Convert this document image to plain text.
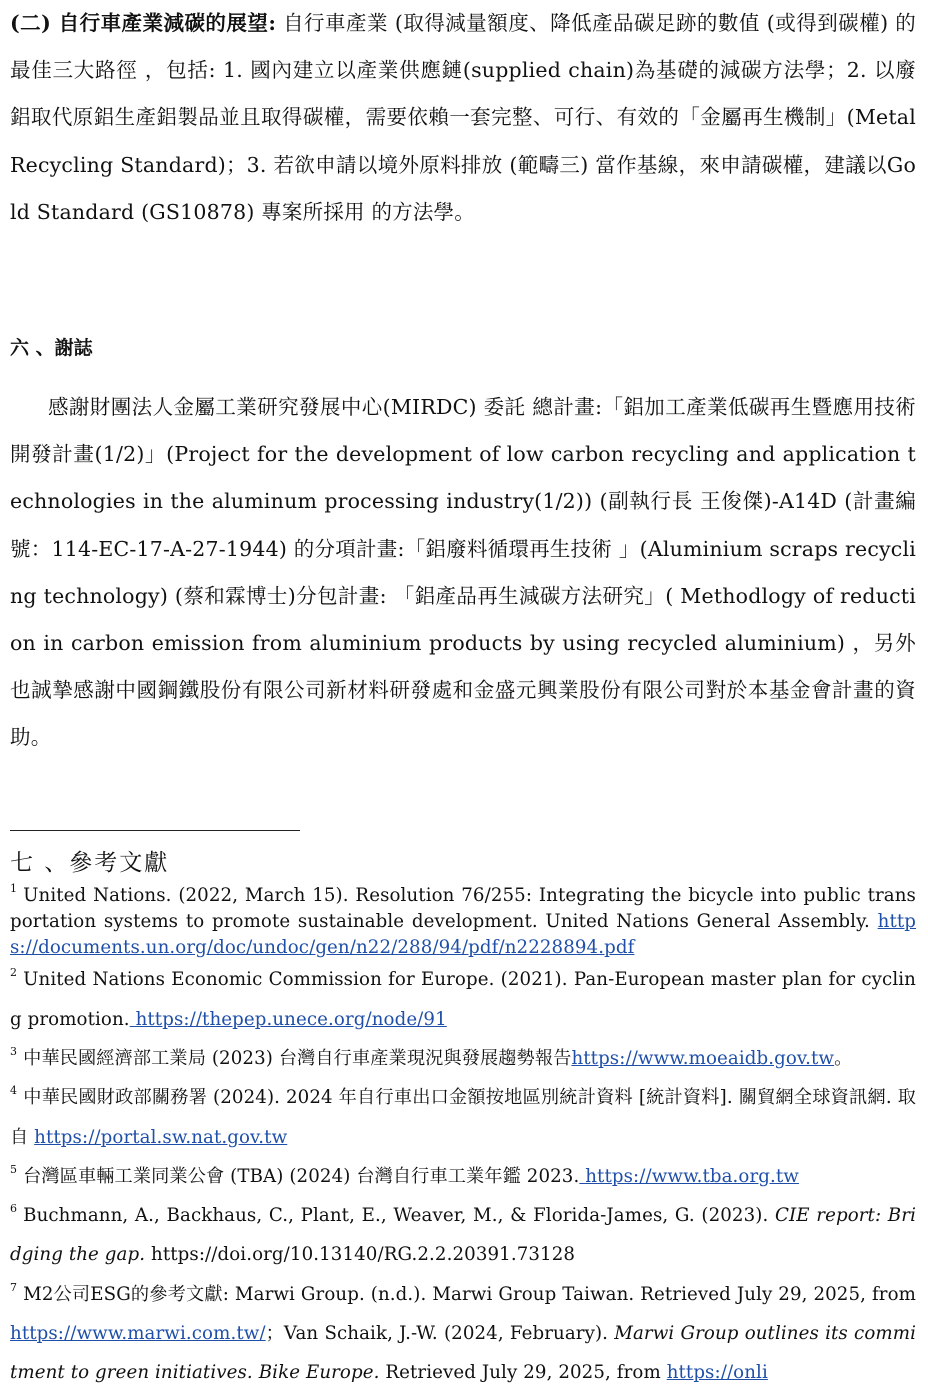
(二) 自行車產業減碳的展望: 自行車產業 (取得減量額度、降低產品碳足跡的數值 (或得到碳權) 的最佳三大路徑 ，包括: 1. 國內建立以產業供應鏈(supplied chain)為基礎的減碳方法學；2. 以廢鋁取代原鋁生產鋁製品並且取得碳權，需要依賴一套完整、可行、有效的「金屬再生機制」(Metal Recycling Standard)；3. 若欲申請以境外原料排放 (範疇三) 當作基線，來申請碳權，建議以Gold Standard (GS10878) 專案所採用 的方法學。

六 、謝誌

感謝財團法人金屬工業研究發展中心(MIRDC) 委託 總計畫:「鋁加工產業低碳再生暨應用技術開發計畫(1/2)」(Project for the development of low carbon recycling and application technologies in the aluminum processing industry(1/2)) (副執行長 王俊傑)-A14D (計畫編號：114-EC-17-A-27-1944) 的分項計畫:「鋁廢料循環再生技術 」(Aluminium scraps recycling technology) (蔡和霖博士)分包計畫: 「鋁產品再生減碳方法研究」( Methodlogy of reduction in carbon emission from aluminium products by using recycled aluminium) ，另外也誠摯感謝中國鋼鐵股份有限公司新材料研發處和金盛元興業股份有限公司對於本基金會計畫的資助。

七 、參考文獻

$^1$ United Nations. (2022, March 15). Resolution 76/255: Integrating the bicycle into public transportation systems to promote sustainable development. United Nations General Assembly. https://documents.un.org/doc/undoc/gen/n22/288/94/pdf/n2228894.pdf

$^2$ United Nations Economic Commission for Europe. (2021). Pan-European master plan for cycling promotion. https://thepep.unece.org/node/91

$^3$ 中華民國經濟部工業局 (2023) 台灣自行車產業現況與發展趨勢報告https://www.moeaidb.gov.tw。

$^4$ 中華民國財政部關務署 (2024). 2024 年自行車出口金額按地區別統計資料 [統計資料]. 關貿網全球資訊網. 取自 https://portal.sw.nat.gov.tw

$^5$ 台灣區車輛工業同業公會 (TBA) (2024) 台灣自行車工業年鑑 2023. https://www.tba.org.tw

$^6$ Buchmann, A., Backhaus, C., Plant, E., Weaver, M., & Florida-James, G. (2023). CIE report: Bridging the gap. https://doi.org/10.13140/RG.2.2.20391.73128

$^7$ M2公司ESG的參考文獻: Marwi Group. (n.d.). Marwi Group Taiwan. Retrieved July 29, 2025, from https://www.marwi.com.tw/；Van Schaik, J.-W. (2024, February). Marwi Group outlines its commitment to green initiatives. Bike Europe. Retrieved July 29, 2025, from https://onli
